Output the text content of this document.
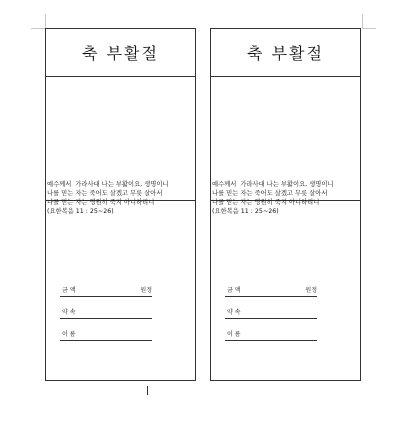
축 부활절
예수께서  가라사대 나는 부활이요, 생명이니
나를 믿는 자는 죽어도 살겠고 무릇 살아서
나를 믿는 자는 영원히 죽지 아니하리니
(요한복음 11 : 25~26)
금 액	원정
약 속
이 름
축 부활절
예수께서  가라사대 나는 부활이요, 생명이니
나를 믿는 자는 죽어도 살겠고 무릇 살아서
나를 믿는 자는 영원히 죽지 아니하리니
(요한복음 11 : 25~26)
금 액	원정
약 속
이 름
